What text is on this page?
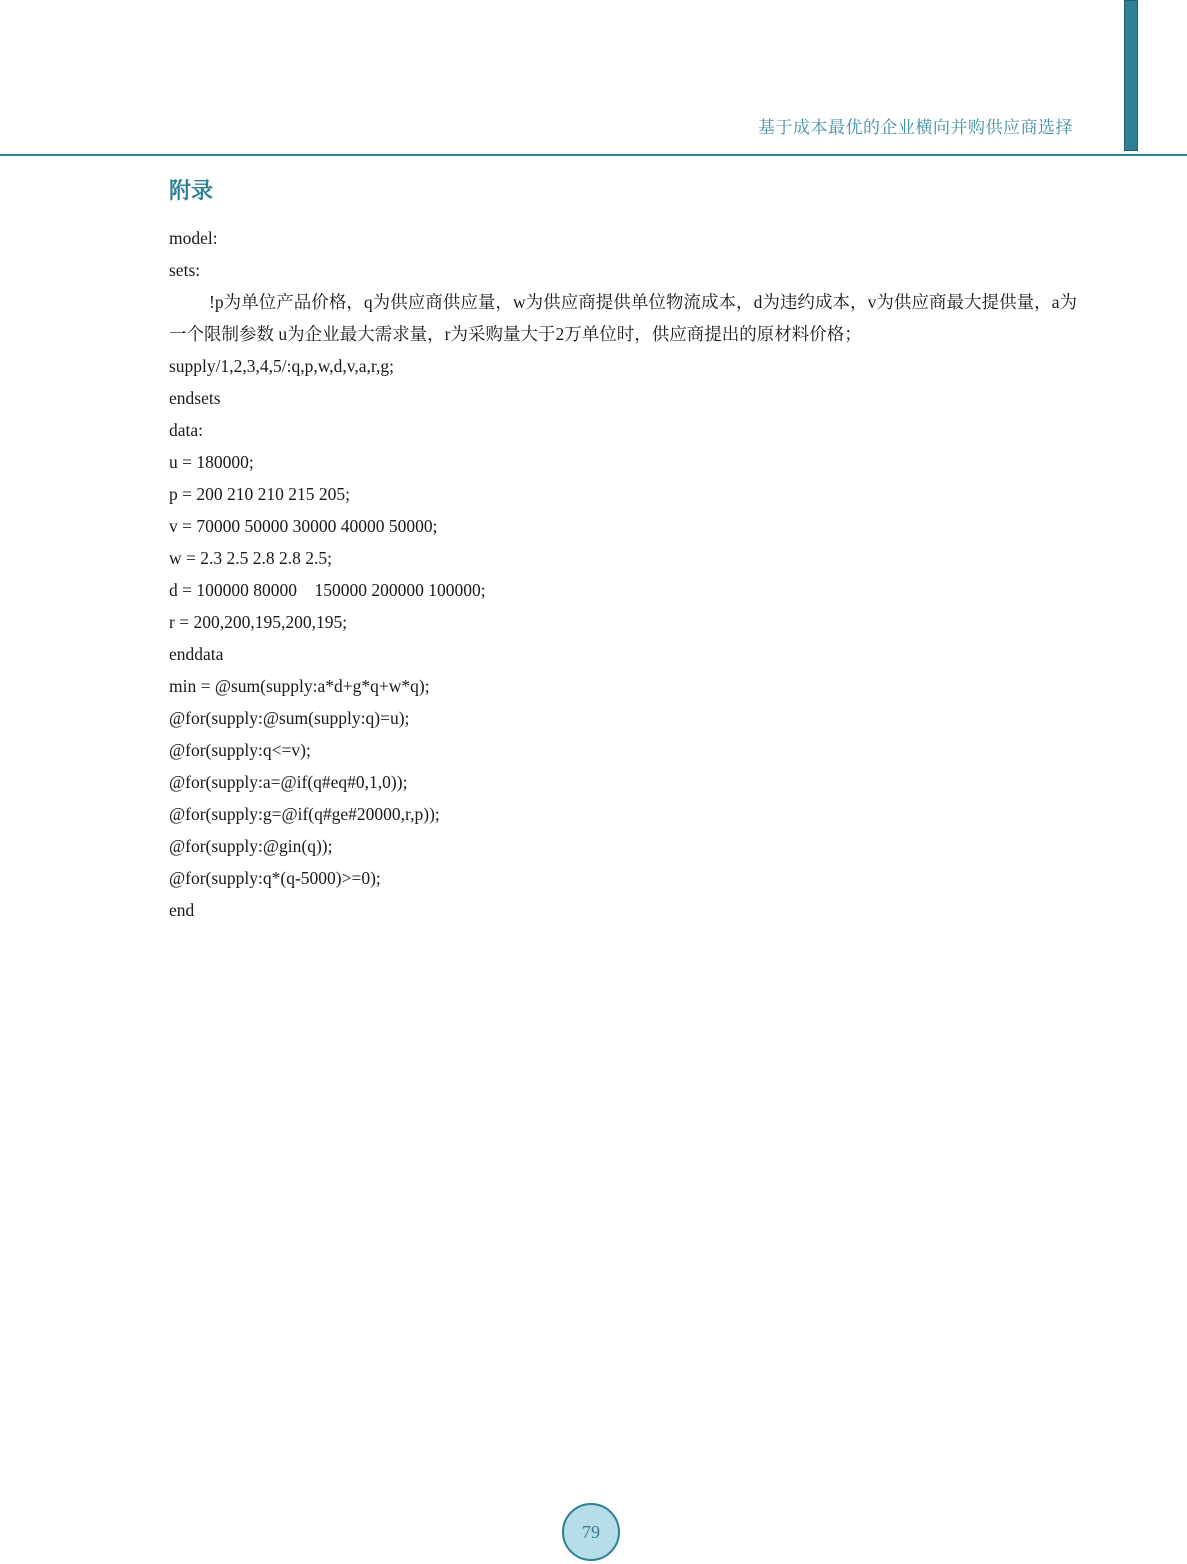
基于成本最优的企业横向并购供应商选择
附录
model:
sets:
!p为单位产品价格，q为供应商供应量，w为供应商提供单位物流成本，d为违约成本，v为供应商最大提供量，a为一个限制参数 u为企业最大需求量，r为采购量大于2万单位时，供应商提出的原材料价格；
supply/1,2,3,4,5/:q,p,w,d,v,a,r,g;
endsets
data:
u = 180000;
p = 200 210 210 215 205;
v = 70000 50000 30000 40000 50000;
w = 2.3 2.5 2.8 2.8 2.5;
d = 100000 80000    150000 200000 100000;
r = 200,200,195,200,195;
enddata
min = @sum(supply:a*d+g*q+w*q);
@for(supply:@sum(supply:q)=u);
@for(supply:q<=v);
@for(supply:a=@if(q#eq#0,1,0));
@for(supply:g=@if(q#ge#20000,r,p));
@for(supply:@gin(q));
@for(supply:q*(q-5000)>=0);
end
79
